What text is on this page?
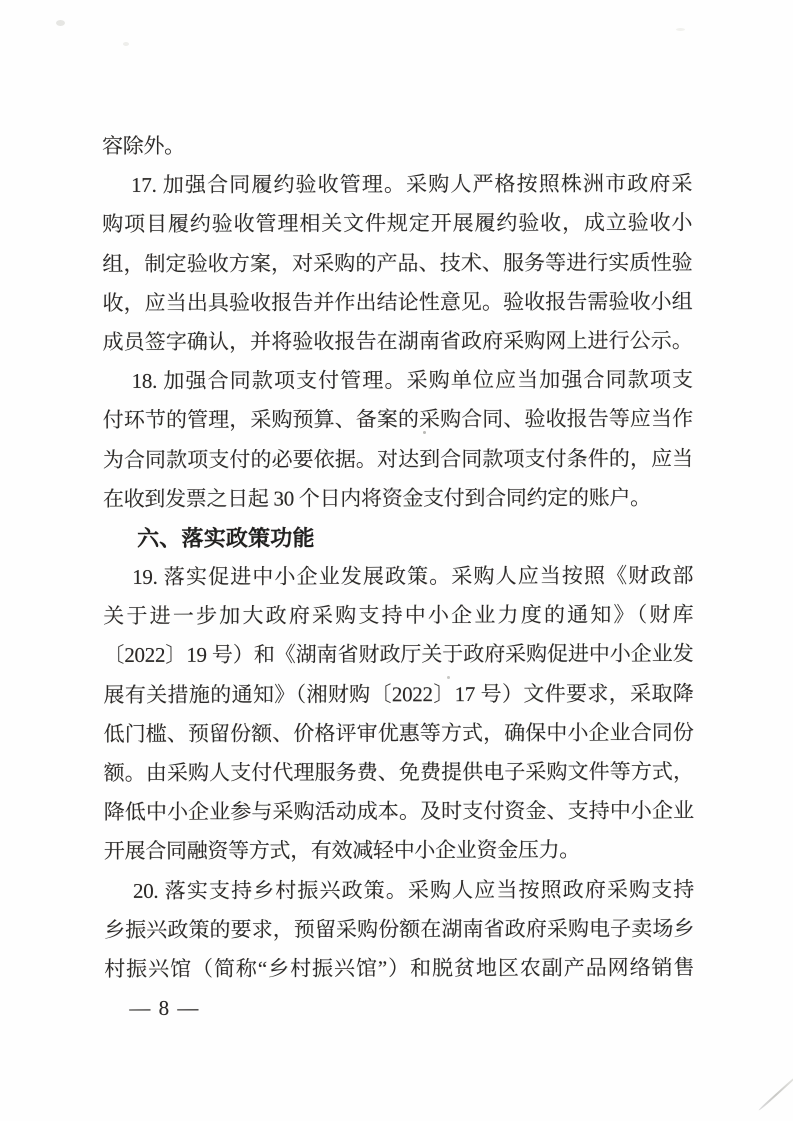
容除外。
17. 加强合同履约验收管理。采购人严格按照株洲市政府采
购项目履约验收管理相关文件规定开展履约验收，成立验收小
组，制定验收方案，对采购的产品、技术、服务等进行实质性验
收，应当出具验收报告并作出结论性意见。验收报告需验收小组
成员签字确认，并将验收报告在湖南省政府采购网上进行公示。
18. 加强合同款项支付管理。采购单位应当加强合同款项支
付环节的管理，采购预算、备案的采购合同、验收报告等应当作
为合同款项支付的必要依据。对达到合同款项支付条件的，应当
在收到发票之日起 30 个日内将资金支付到合同约定的账户。
六、落实政策功能
19. 落实促进中小企业发展政策。采购人应当按照《财政部
关于进一步加大政府采购支持中小企业力度的通知》（财库
〔2022〕19 号）和《湖南省财政厅关于政府采购促进中小企业发
展有关措施的通知》（湘财购〔2022〕17 号）文件要求，采取降
低门槛、预留份额、价格评审优惠等方式，确保中小企业合同份
额。由采购人支付代理服务费、免费提供电子采购文件等方式，
降低中小企业参与采购活动成本。及时支付资金、支持中小企业
开展合同融资等方式，有效减轻中小企业资金压力。
20. 落实支持乡村振兴政策。采购人应当按照政府采购支持
乡振兴政策的要求，预留采购份额在湖南省政府采购电子卖场乡
村振兴馆（简称“乡村振兴馆”）和脱贫地区农副产品网络销售
— 8 —
